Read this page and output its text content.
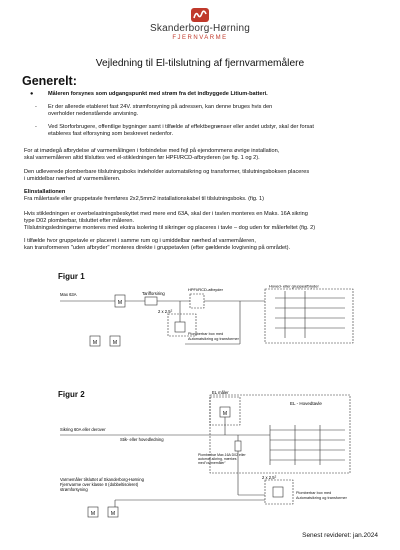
Skanderborg-Hørning
FJERNVARME
Vejledning til El-tilslutning af fjernvarmemålere
Generelt:
●	Måleren forsynes som udgangspunkt med strøm fra det indbyggede Litium-batteri.
- Er der allerede etableret fast 24V. strømforsyning på adressen, kan denne bruges hvis den
overholder nedenstående anvisning.
- Ved Storforbrugere, offentlige bygninger samt i tilfælde af effektbegrænser eller andet udstyr, skal der forsat
etableres fast elforsyning som beskrevet nedenfor.
For at imødegå afbrydelse af varmemålingen i forbindelse med fejl på ejendommens øvrige installation,
skal varmemåleren altid tilsluttes ved el-stikledningen før HPFI/RCD-afbryderen (se fig. 1 og 2).
Den udleverede plomberbare tilslutningsboks indeholder automatsikring og transformer, tilslutningsboksen placeres
i umiddelbar nærhed af varmemåleren.
Elinstallationen
Fra målertavle eller gruppetavle fremføres 2x2,5mm2 installationskabel til tilslutningsboks. (fig. 1)
Hvis stikledningen er overbelastningsbeskyttet med mere end 63A, skal der i tavlen monteres en Maks. 16A sikring
type D02 plomberbar, tilsluttet efter måleren.
Tilslutningsledningerne monteres med ekstra isolering til sikringer og placeres i tavle – dog uden for målerfeltet (fig. 2)
I tilfælde hvor gruppetavle er placeret i samme rum og i umiddelbar nærhed af varmemåleren,
kan transformeren "uden afbryder" monteres direkte i gruppetavlen (efter gældende lovgivning på området).
Figur 1
Max 63A
M
Tarifforsiring
HPFI/RCD-afbryder
2 x $2,5^2$
Hoved- eller gruppeafbryder
Plomberbar box med Automatsikring og transformer
M	M
Figur 2	EL måler
M
EL - Hovedtavle
Sikring 60A eller derover
Stik- eller hovedledning
Plomberbar Max.16A D02 eller automat-sikring, mærkes med"varmemåler"
2 x $2,5^2$
Plomberbar box med Automatsikring og transformer
Varmemåler tilsluttet af Skanderborg-Hørning
Fjernvarme over klasse II (dobbeltisoleret)
strømforsyning
M	M
Senest revideret: jan.2024
